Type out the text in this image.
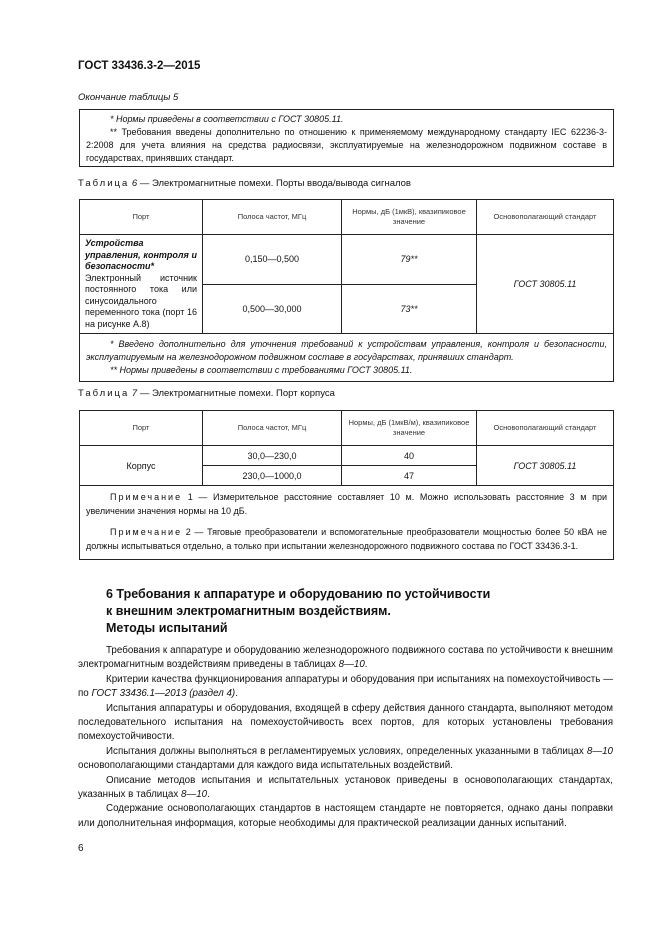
ГОСТ 33436.3-2—2015
Окончание таблицы 5

* Нормы приведены в соответствии с ГОСТ 30805.11.

** Требования введены дополнительно по отношению к применяемому международному стандарту IEC 62236-3-2:2008 для учета влияния на средства радиосвязи, эксплуатируемые на железнодорожном подвижном составе в государствах, принявших стандарт.

Таблица 6 — Электромагнитные помехи. Порты ввода/вывода сигналов
Порт	Полоса частот, МГц	Нормы, дБ (1мкВ), квазипиковое значение	Основополагающий стандарт
Устройства управления, контроля и безопасности*
Электронный источник постоянного тока или синусоидального переменного тока (порт 16 на рисунке А.8)	0,150—0,500	79**	ГОСТ 30805.11
	0,500—30,000	73**	

* Введено дополнительно для уточнения требований к устройствам управления, контроля и безопасности, эксплуатируемым на железнодорожном подвижном составе в государствах, принявших стандарт.

** Нормы приведены в соответствии с требованиями ГОСТ 30805.11.			

Таблица 7 — Электромагнитные помехи. Порт корпуса
Порт	Полоса частот, МГц	Нормы, дБ (1мкВ/м), квазипиковое значение	Основополагающий стандарт
Корпус	30,0—230,0	40	ГОСТ 30805.11
	230,0—1000,0	47	

Примечание 1 — Измерительное расстояние составляет 10 м. Можно использовать расстояние 3 м при увеличении значения нормы на 10 дБ.

Примечание 2 — Тяговые преобразователи и вспомогательные преобразователи мощностью более 50 кВА не должны испытываться отдельно, а только при испытании железнодорожного подвижного состава по ГОСТ 33436.3-1.			

6 Требования к аппаратуре и оборудованию по устойчивости
к внешним электромагнитным воздействиям.
Методы испытаний

Требования к аппаратуре и оборудованию железнодорожного подвижного состава по устойчивости к внешним электромагнитным воздействиям приведены в таблицах 8—10.

Критерии качества функционирования аппаратуры и оборудования при испытаниях на помехоустойчивость — по ГОСТ 33436.1—2013 (раздел 4).

Испытания аппаратуры и оборудования, входящей в сферу действия данного стандарта, выполняют методом последовательного испытания на помехоустойчивость всех портов, для которых установлены требования помехоустойчивости.

Испытания должны выполняться в регламентируемых условиях, определенных указанными в таблицах 8—10 основополагающими стандартами для каждого вида испытательных воздействий.

Описание методов испытания и испытательных установок приведены в основополагающих стандартах, указанных в таблицах 8—10.

Содержание основополагающих стандартов в настоящем стандарте не повторяется, однако даны поправки или дополнительная информация, которые необходимы для практической реализации данных испытаний.

6
